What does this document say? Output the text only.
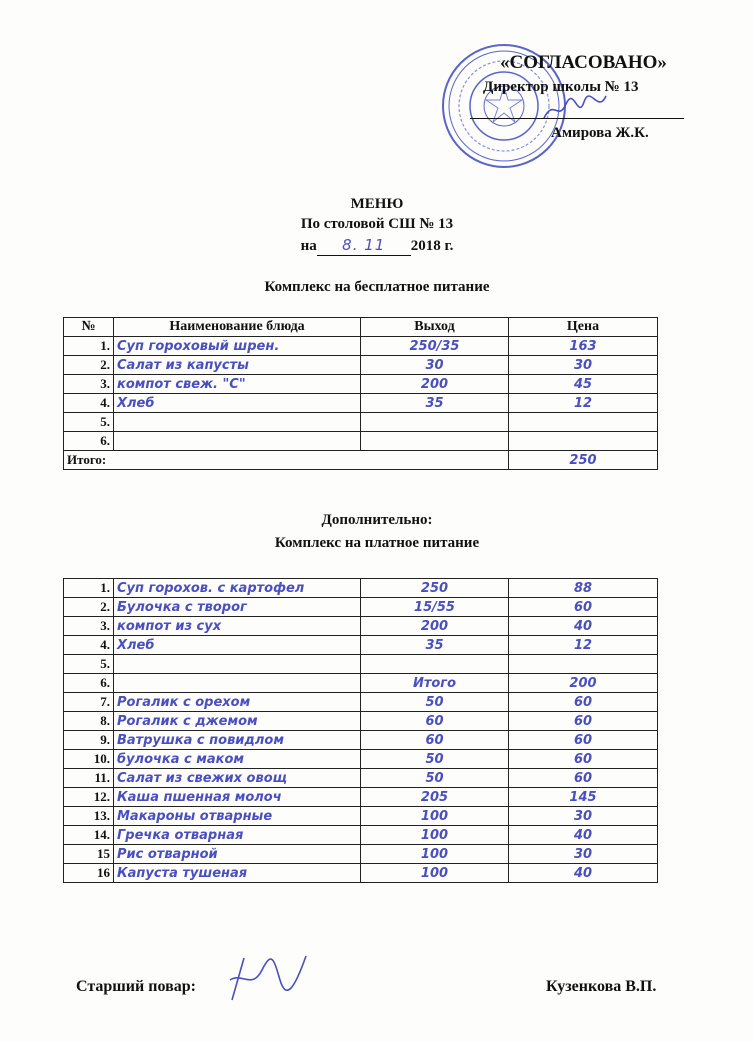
«СОГЛАСОВАНО»
Директор школы № 13
Амирова Ж.К.
МЕНЮ
По столовой СШ № 13
на 8. 11 2018 г.
Комплекс на бесплатное питание
№	Наименование блюда	Выход	Цена
1.	Суп гороховый шрен.	250/35	163
2.	Салат из капусты	30	30
3.	компот свеж. "С"	200	45
4.	Хлеб	35	12
5.			
6.			
Итого:			250
Дополнительно:
Комплекс на платное питание
1.	Суп горохов. с картофел	250	88
2.	Булочка с творог	15/55	60
3.	компот из сух	200	40
4.	Хлеб	35	12
5.			
6.		Итого	200
7.	Рогалик с орехом	50	60
8.	Рогалик с джемом	60	60
9.	Ватрушка с повидлом	60	60
10.	булочка с маком	50	60
11.	Салат из свежих овощ	50	60
12.	Каша пшенная молоч	205	145
13.	Макароны отварные	100	30
14.	Гречка отварная	100	40
15	Рис отварной	100	30
16	Капуста тушеная	100	40
Старший повар:	Кузенкова В.П.
